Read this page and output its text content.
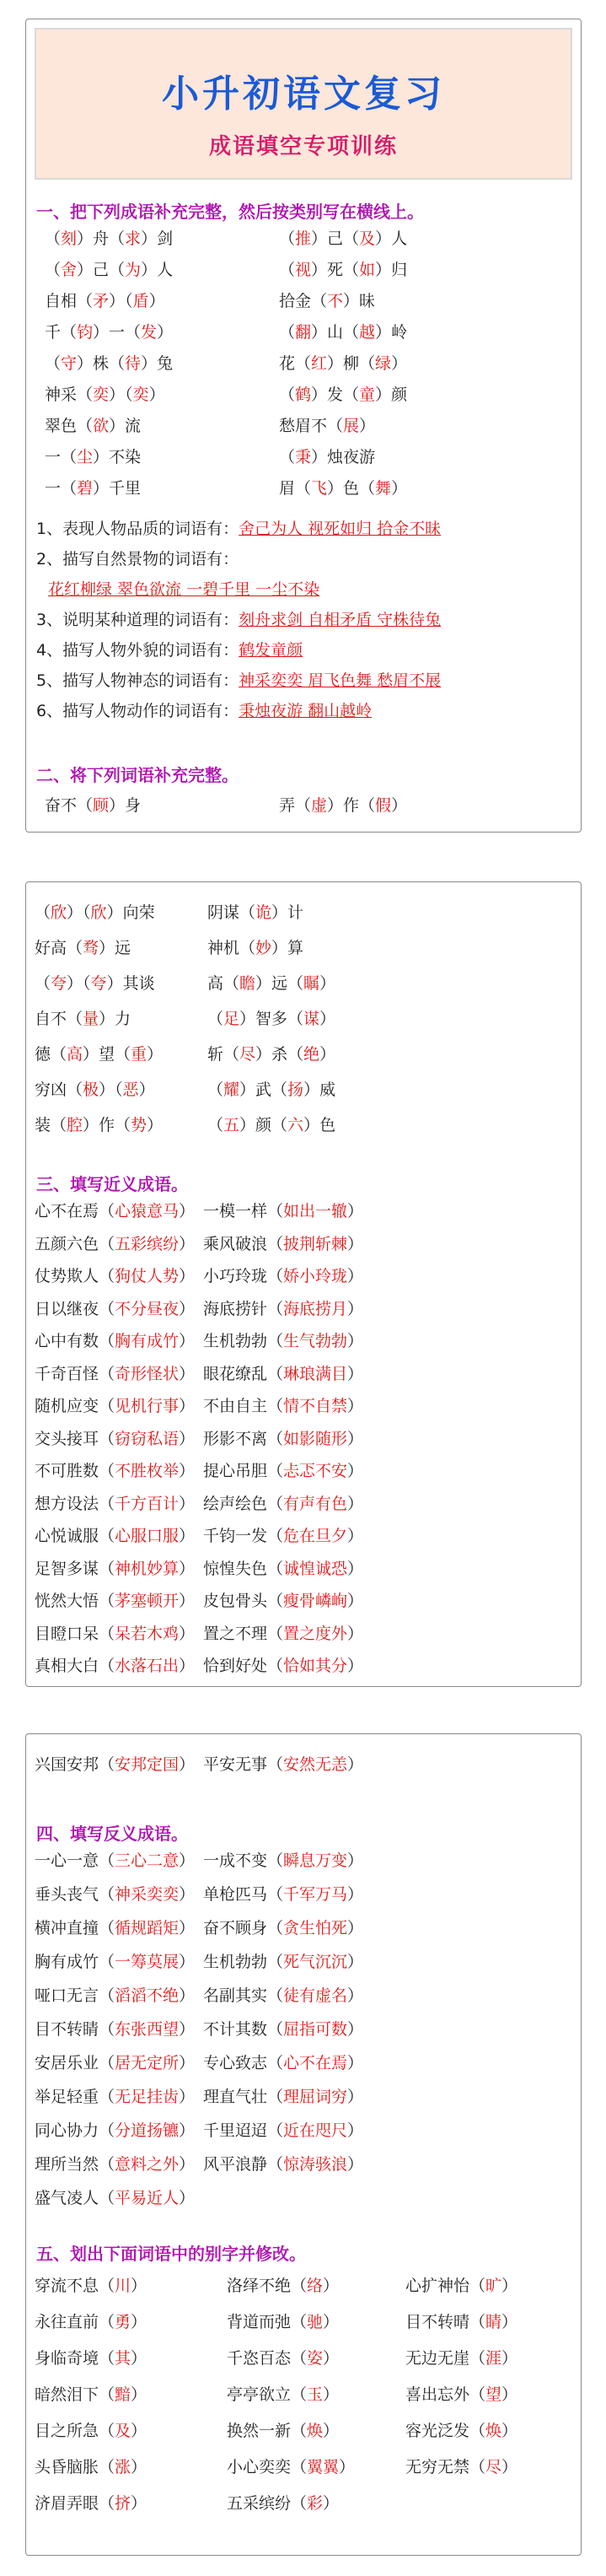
小升初语文复习
成语填空专项训练
一、把下列成语补充完整，然后按类别写在横线上。
（刻）舟（求）剑	（推）己（及）人
（舍）己（为）人	（视）死（如）归
自相（矛）（盾）	拾金（不）昧
千（钧）一（发）	（翻）山（越）岭
（守）株（待）兔	花（红）柳（绿）
神采（奕）（奕）	（鹤）发（童）颜
翠色（欲）流	愁眉不（展）
一（尘）不染	（秉）烛夜游
一（碧）千里	眉（飞）色（舞）
1、表现人物品质的词语有：舍己为人 视死如归 拾金不昧
2、描写自然景物的词语有：
花红柳绿 翠色欲流 一碧千里 一尘不染
3、说明某种道理的词语有：刻舟求剑 自相矛盾 守株待兔
4、描写人物外貌的词语有：鹤发童颜
5、描写人物神态的词语有：神采奕奕 眉飞色舞 愁眉不展
6、描写人物动作的词语有：秉烛夜游 翻山越岭
二、将下列词语补充完整。
奋不（顾）身	弄（虚）作（假）
（欣）（欣）向荣	阴谋（诡）计
好高（骛）远	神机（妙）算
（夸）（夸）其谈	高（瞻）远（瞩）
自不（量）力	（足）智多（谋）
德（高）望（重）	斩（尽）杀（绝）
穷凶（极）（恶）	（耀）武（扬）威
装（腔）作（势）	（五）颜（六）色
三、填写近义成语。
心不在焉（心猿意马） 一模一样（如出一辙）
五颜六色（五彩缤纷） 乘风破浪（披荆斩棘）
仗势欺人（狗仗人势） 小巧玲珑（娇小玲珑）
日以继夜（不分昼夜） 海底捞针（海底捞月）
心中有数（胸有成竹） 生机勃勃（生气勃勃）
千奇百怪（奇形怪状） 眼花缭乱（琳琅满目）
随机应变（见机行事） 不由自主（情不自禁）
交头接耳（窃窃私语） 形影不离（如影随形）
不可胜数（不胜枚举） 提心吊胆（忐忑不安）
想方设法（千方百计） 绘声绘色（有声有色）
心悦诚服（心服口服） 千钧一发（危在旦夕）
足智多谋（神机妙算） 惊惶失色（诚惶诚恐）
恍然大悟（茅塞顿开） 皮包骨头（瘦骨嶙峋）
目瞪口呆（呆若木鸡） 置之不理（置之度外）
真相大白（水落石出） 恰到好处（恰如其分）
兴国安邦（安邦定国） 平安无事（安然无恙）
四、填写反义成语。
一心一意（三心二意） 一成不变（瞬息万变）
垂头丧气（神采奕奕） 单枪匹马（千军万马）
横冲直撞（循规蹈矩） 奋不顾身（贪生怕死）
胸有成竹（一筹莫展） 生机勃勃（死气沉沉）
哑口无言（滔滔不绝） 名副其实（徒有虚名）
目不转睛（东张西望） 不计其数（屈指可数）
安居乐业（居无定所） 专心致志（心不在焉）
举足轻重（无足挂齿） 理直气壮（理屈词穷）
同心协力（分道扬镳） 千里迢迢（近在咫尺）
理所当然（意料之外） 风平浪静（惊涛骇浪）
盛气凌人（平易近人）
五、划出下面词语中的别字并修改。
穿流不息（川）	洛绎不绝（络）	心扩神怡（旷）
永往直前（勇）	背道而弛（驰）	目不转晴（睛）
身临奇境（其）	千恣百态（姿）	无边无崖（涯）
暗然泪下（黯）	亭亭欲立（玉）	喜出忘外（望）
目之所急（及）	换然一新（焕）	容光泛发（焕）
头昏脑胀（涨）	小心奕奕（翼翼）	无穷无禁（尽）
济眉弄眼（挤）	五采缤纷（彩）
